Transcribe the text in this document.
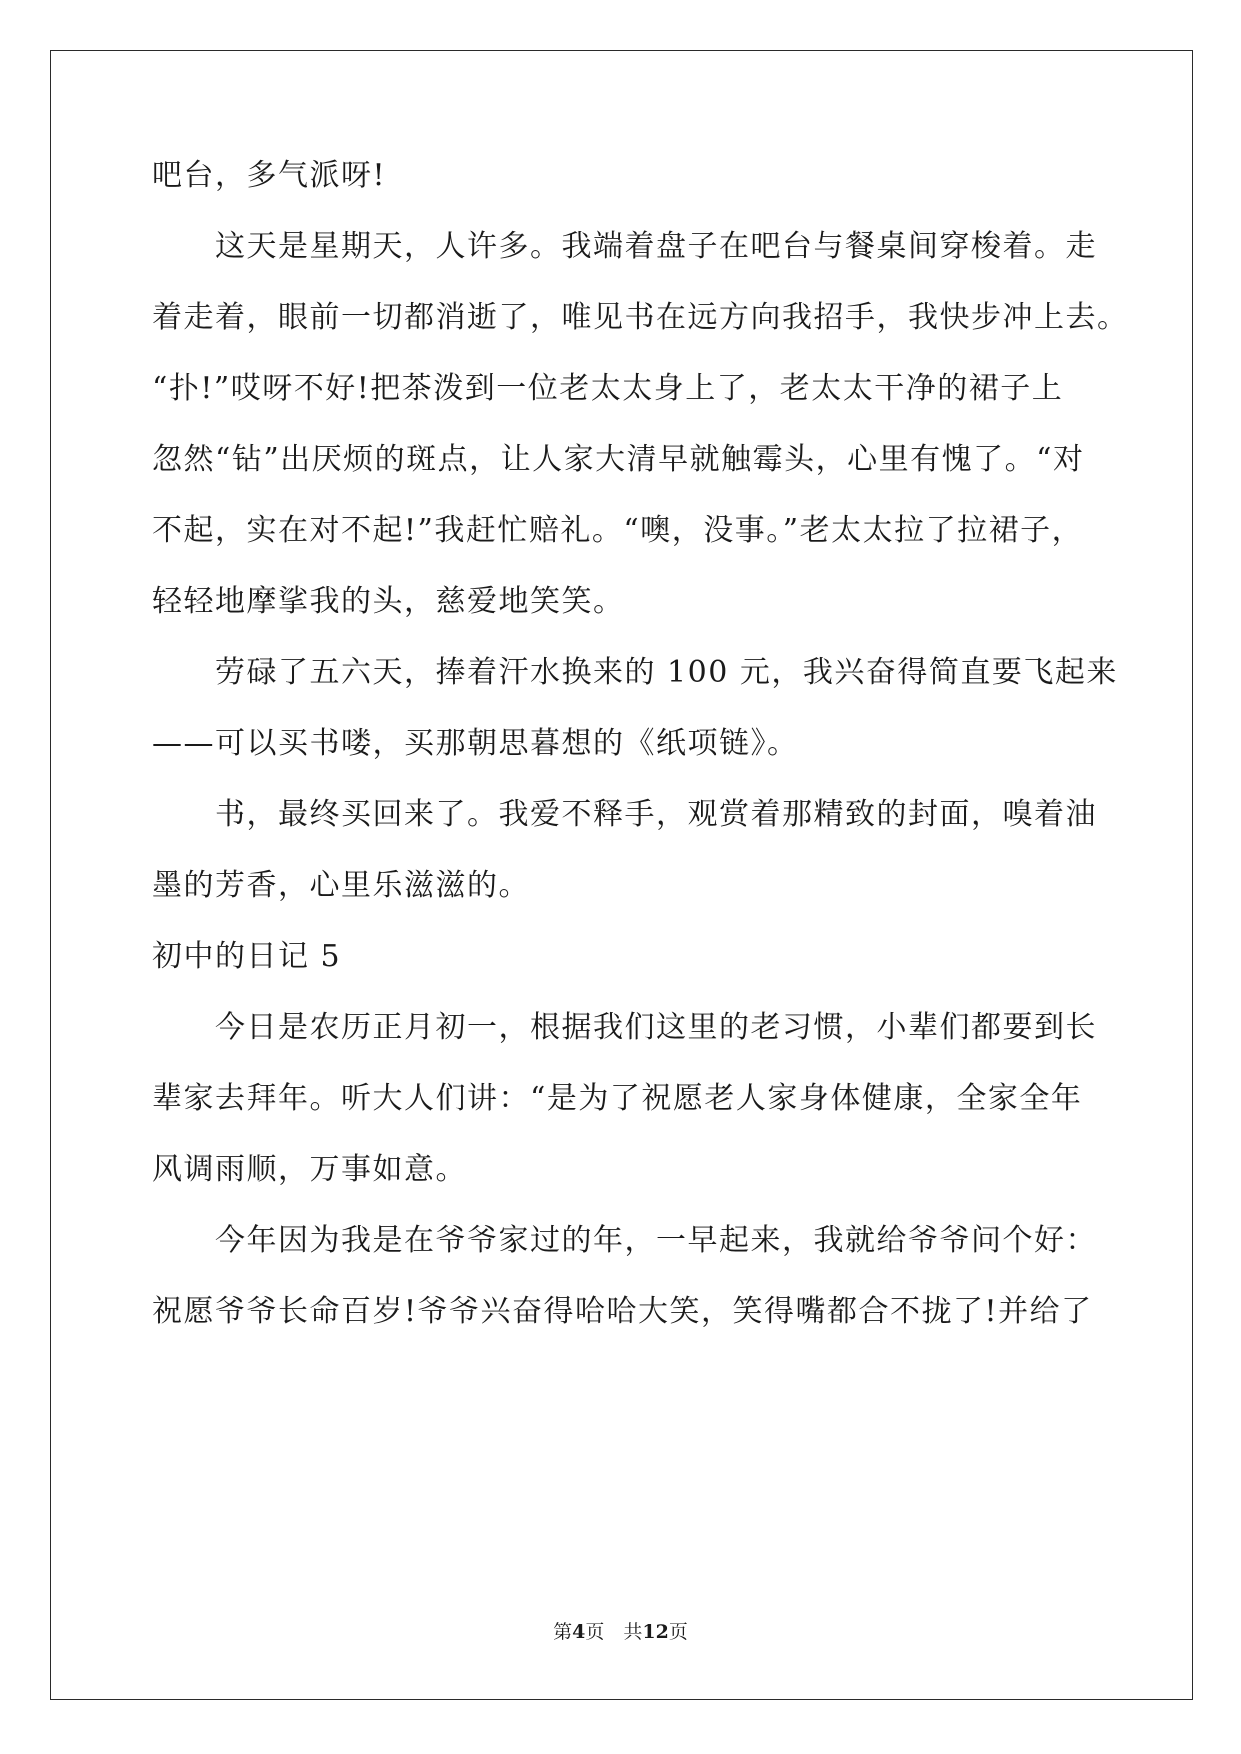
吧台，多气派呀!
　　这天是星期天，人许多。我端着盘子在吧台与餐桌间穿梭着。走
着走着，眼前一切都消逝了，唯见书在远方向我招手，我快步冲上去。
“扑!”哎呀不好!把茶泼到一位老太太身上了，老太太干净的裙子上
忽然“钻”出厌烦的斑点，让人家大清早就触霉头，心里有愧了。“对
不起，实在对不起!”我赶忙赔礼。“噢，没事。”老太太拉了拉裙子，
轻轻地摩挲我的头，慈爱地笑笑。
　　劳碌了五六天，捧着汗水换来的 100 元，我兴奋得简直要飞起来
——可以买书喽，买那朝思暮想的《纸项链》。
　　书，最终买回来了。我爱不释手，观赏着那精致的封面，嗅着油
墨的芳香，心里乐滋滋的。
初中的日记 5
　　今日是农历正月初一，根据我们这里的老习惯，小辈们都要到长
辈家去拜年。听大人们讲：“是为了祝愿老人家身体健康，全家全年
风调雨顺，万事如意。
　　今年因为我是在爷爷家过的年，一早起来，我就给爷爷问个好：
祝愿爷爷长命百岁!爷爷兴奋得哈哈大笑，笑得嘴都合不拢了!并给了
第4页　共12页
